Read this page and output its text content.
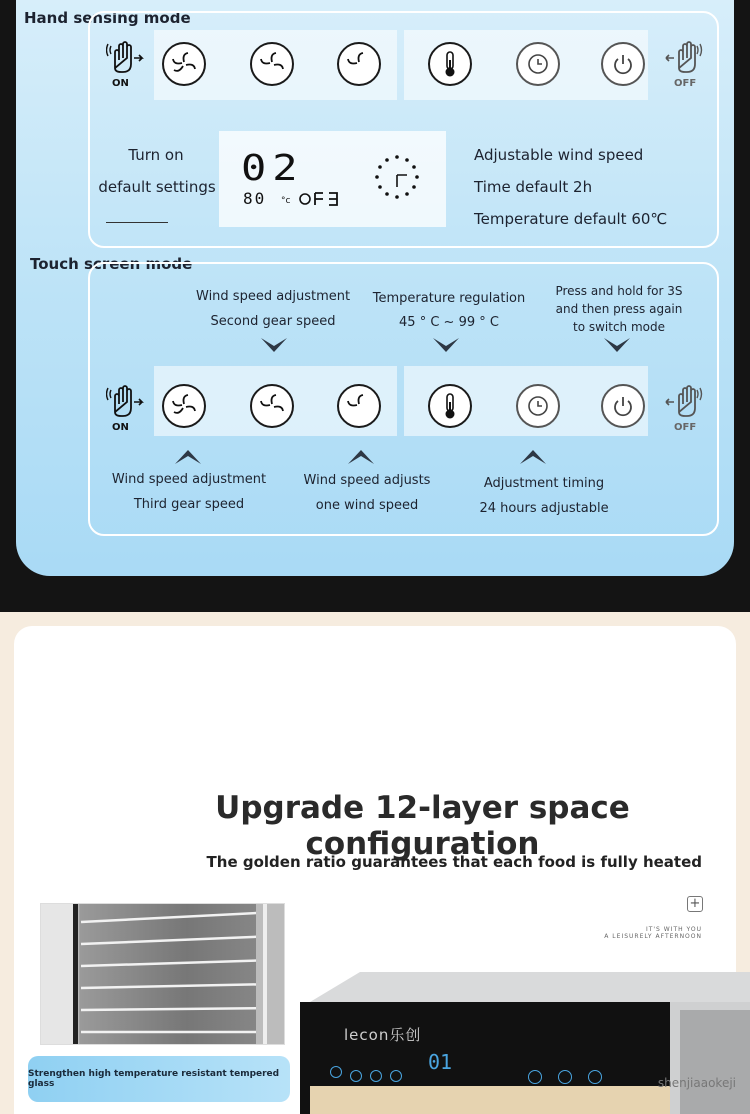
Hand sensing mode
ON	OFF
Turn on
default settings 02
80 °c
Adjustable wind speed
Time default 2h
Temperature default 60℃
Touch screen mode
Wind speed adjustment
Second gear speed
Temperature regulation
45 ° C ~ 99 ° C
Press and hold for 3S
and then press again
to switch mode
ON	OFF
Wind speed adjustment
Third gear speed
Wind speed adjusts
one wind speed
Adjustment timing
24 hours adjustable
Upgrade 12-layer space configuration
The golden ratio guarantees that each food is fully heated
+
IT'S WITH YOU
A LEISURELY AFTERNOON
Strengthen high temperature resistant tempered glass
lecon乐创
01
shenjiaaokeji
